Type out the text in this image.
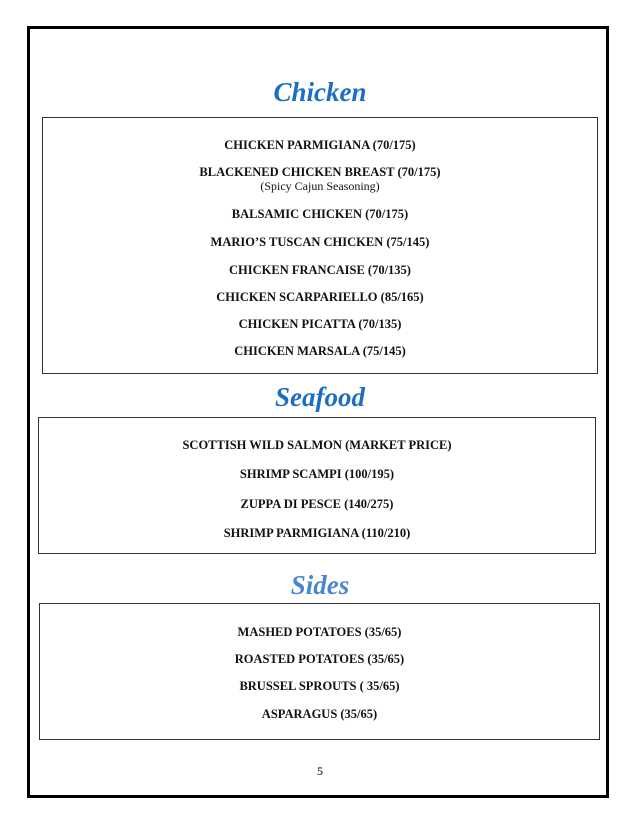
Chicken
CHICKEN PARMIGIANA (70/175)
BLACKENED CHICKEN BREAST (70/175)
(Spicy Cajun Seasoning)
BALSAMIC CHICKEN (70/175)
MARIO’S TUSCAN CHICKEN (75/145)
CHICKEN FRANCAISE (70/135)
CHICKEN SCARPARIELLO (85/165)
CHICKEN PICATTA (70/135)
CHICKEN MARSALA (75/145)
Seafood
SCOTTISH WILD SALMON (MARKET PRICE)
SHRIMP SCAMPI (100/195)
ZUPPA DI PESCE (140/275)
SHRIMP PARMIGIANA (110/210)
Sides
MASHED POTATOES (35/65)
ROASTED POTATOES (35/65)
BRUSSEL SPROUTS ( 35/65)
ASPARAGUS (35/65)
5
